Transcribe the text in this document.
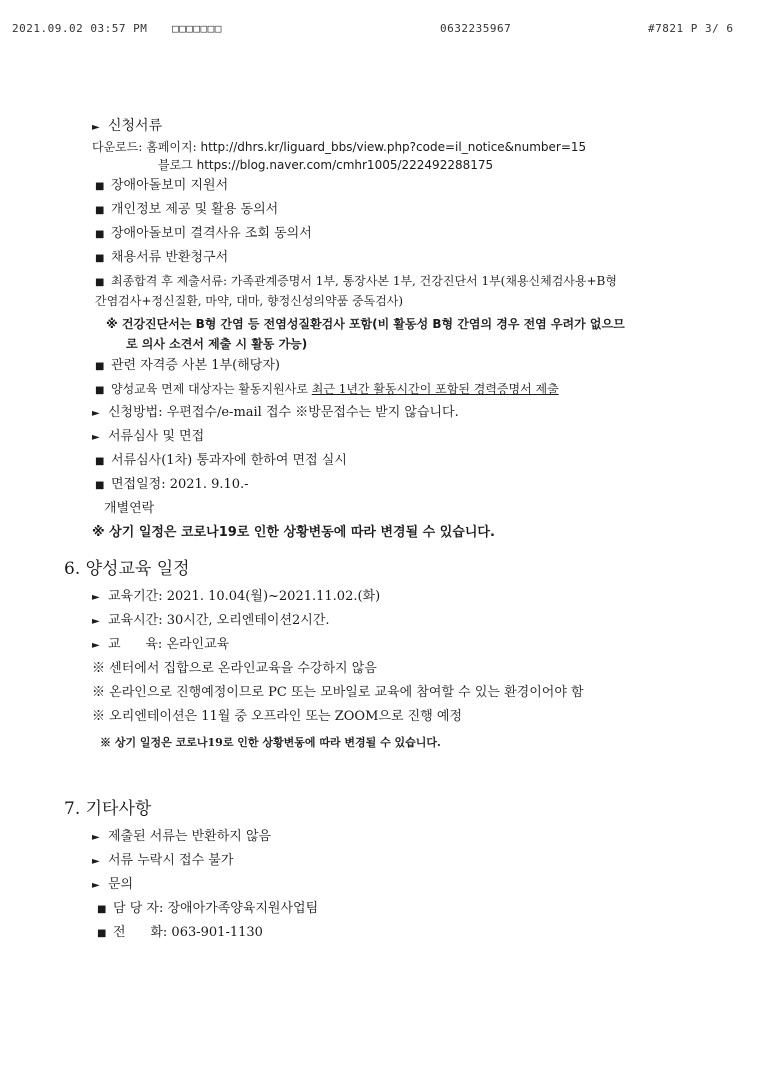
2021.09.02 03:57 PM □□□□□□□	0632235967	#7821 P 3/ 6
► 신청서류
다운로드: 홈페이지: http://dhrs.kr/liguard_bbs/view.php?code=il_notice&number=15
블로그 https://blog.naver.com/cmhr1005/222492288175
■ 장애아돌보미 지원서
■ 개인정보 제공 및 활용 동의서
■ 장애아돌보미 결격사유 조회 동의서
■ 채용서류 반환청구서
■ 최종합격 후 제출서류: 가족관계증명서 1부, 통장사본 1부, 건강진단서 1부(채용신체검사용+B형
간염검사+정신질환, 마약, 대마, 향정신성의약품 중독검사)
※ 건강진단서는 B형 간염 등 전염성질환검사 포함(비 활동성 B형 간염의 경우 전염 우려가 없으므
로 의사 소견서 제출 시 활동 가능)
■ 관련 자격증 사본 1부(해당자)
■ 양성교육 면제 대상자는 활동지원사로 최근 1년간 활동시간이 포함된 경력증명서 제출
► 신청방법: 우편접수/e-mail 접수 ※방문접수는 받지 않습니다.
► 서류심사 및 면접
■ 서류심사(1차) 통과자에 한하여 면접 실시
■ 면접일정: 2021. 9.10.-
개별연락
※ 상기 일정은 코로나19로 인한 상황변동에 따라 변경될 수 있습니다.
6. 양성교육 일정
► 교육기간: 2021. 10.04(월)~2021.11.02.(화)
► 교육시간: 30시간, 오리엔테이션2시간.
► 교      육: 온라인교육
※ 센터에서 집합으로 온라인교육을 수강하지 않음
※ 온라인으로 진행예정이므로 PC 또는 모바일로 교육에 참여할 수 있는 환경이어야 함
※ 오리엔테이션은 11월 중 오프라인 또는 ZOOM으로 진행 예정
※ 상기 일정은 코로나19로 인한 상황변동에 따라 변경될 수 있습니다.
7. 기타사항
► 제출된 서류는 반환하지 않음
► 서류 누락시 접수 불가
► 문의
■ 담 당 자: 장애아가족양육지원사업팀
■ 전      화: 063-901-1130
